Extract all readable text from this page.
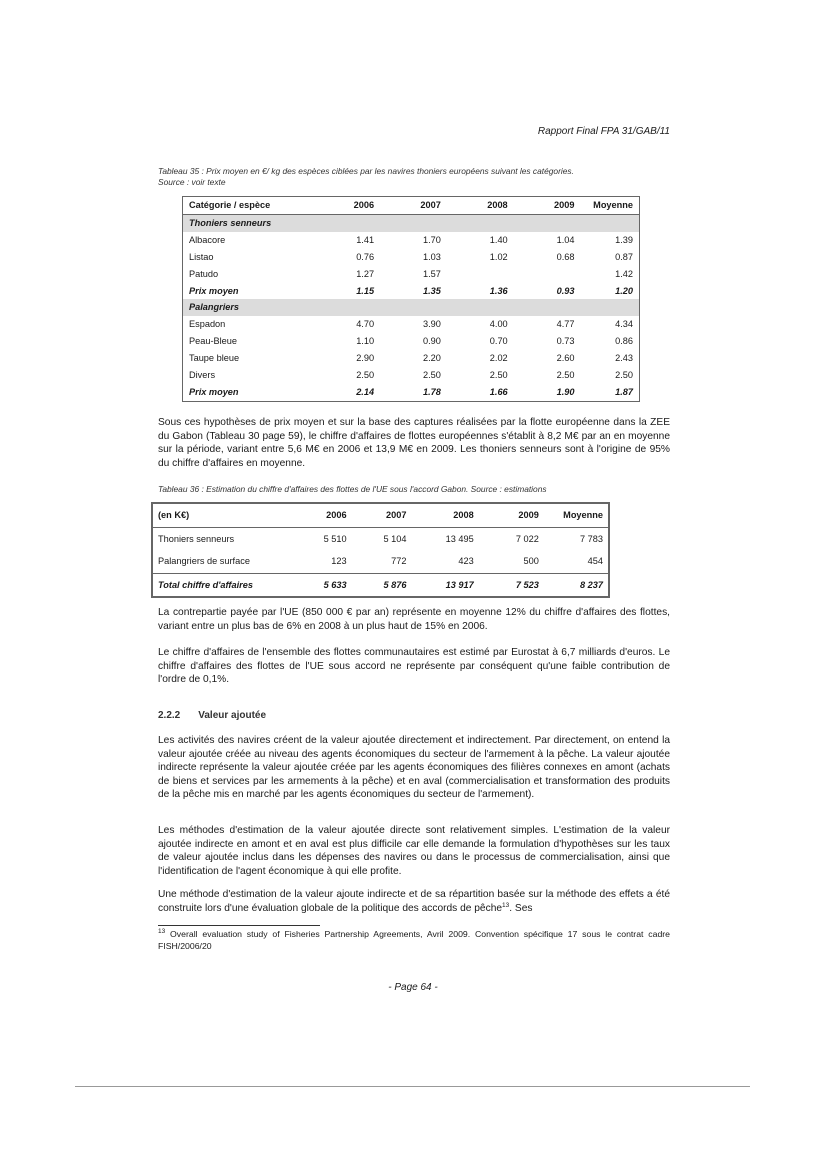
Rapport Final FPA 31/GAB/11
Tableau 35 : Prix moyen en €/ kg des espèces ciblées par les navires thoniers européens suivant les catégories.
Source : voir texte
Catégorie / espèce	2006	2007	2008	2009	Moyenne
Thoniers senneurs					
Albacore	1.41	1.70	1.40	1.04	1.39
Listao	0.76	1.03	1.02	0.68	0.87
Patudo	1.27	1.57			1.42
Prix moyen	1.15	1.35	1.36	0.93	1.20
Palangriers					
Espadon	4.70	3.90	4.00	4.77	4.34
Peau-Bleue	1.10	0.90	0.70	0.73	0.86
Taupe bleue	2.90	2.20	2.02	2.60	2.43
Divers	2.50	2.50	2.50	2.50	2.50
Prix moyen	2.14	1.78	1.66	1.90	1.87
Sous ces hypothèses de prix moyen et sur la base des captures réalisées par la flotte européenne dans la ZEE du Gabon (Tableau 30 page 59), le chiffre d'affaires de flottes européennes s'établit à 8,2 M€ par an en moyenne sur la période, variant entre 5,6 M€ en 2006 et 13,9 M€ en 2009. Les thoniers senneurs sont à l'origine de 95% du chiffre d'affaires en moyenne.
Tableau 36 : Estimation du chiffre d'affaires des flottes de l'UE sous l'accord Gabon. Source : estimations
(en K€)	2006	2007	2008	2009	Moyenne
Thoniers senneurs	5 510	5 104	13 495	7 022	7 783
Palangriers de surface	123	772	423	500	454
Total chiffre d'affaires	5 633	5 876	13 917	7 523	8 237
La contrepartie payée par l'UE (850 000 € par an) représente en moyenne 12% du chiffre d'affaires des flottes, variant entre un plus bas de 6% en 2008 à un plus haut de 15% en 2006.
Le chiffre d'affaires de l'ensemble des flottes communautaires est estimé par Eurostat à 6,7 milliards d'euros. Le chiffre d'affaires des flottes de l'UE sous accord ne représente par conséquent qu'une faible contribution de l'ordre de 0,1%.
2.2.2 Valeur ajoutée
Les activités des navires créent de la valeur ajoutée directement et indirectement. Par directement, on entend la valeur ajoutée créée au niveau des agents économiques du secteur de l'armement à la pêche. La valeur ajoutée indirecte représente la valeur ajoutée créée par les agents économiques des filières connexes en amont (achats de biens et services par les armements à la pêche) et en aval (commercialisation et transformation des produits de la pêche mis en marché par les agents économiques du secteur de l'armement).
Les méthodes d'estimation de la valeur ajoutée directe sont relativement simples. L'estimation de la valeur ajoutée indirecte en amont et en aval est plus difficile car elle demande la formulation d'hypothèses sur les taux de valeur ajoutée inclus dans les dépenses des navires ou dans le processus de commercialisation, ainsi que l'identification de l'agent économique à qui elle profite.
Une méthode d'estimation de la valeur ajoute indirecte et de sa répartition basée sur la méthode des effets a été construite lors d'une évaluation globale de la politique des accords de pêche$^{13}$. Ses
$^{13}$ Overall evaluation study of Fisheries Partnership Agreements, Avril 2009. Convention spécifique 17 sous le contrat cadre FISH/2006/20
- Page 64 -
